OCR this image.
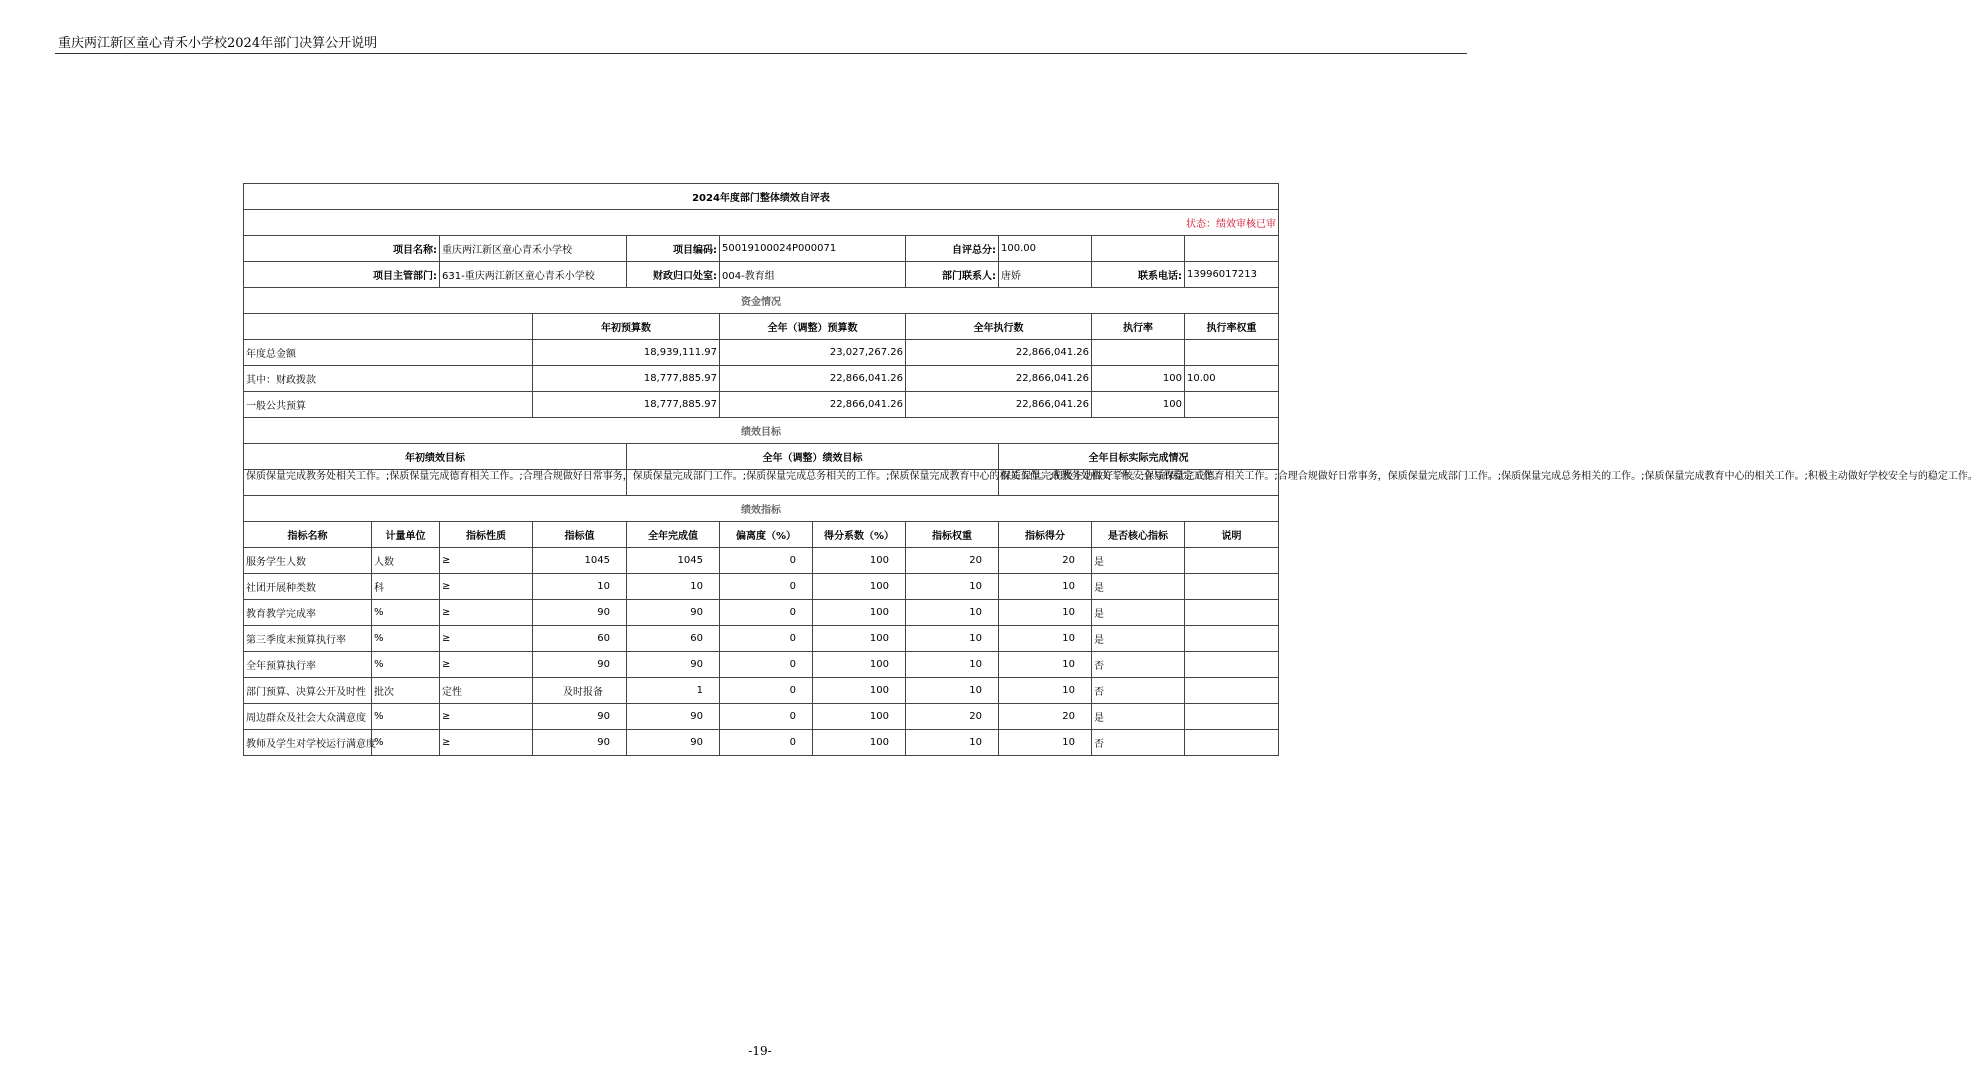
重庆两江新区童心青禾小学校2024年部门决算公开说明
2024年度部门整体绩效自评表											
状态：绩效审核已审											
项目名称:		重庆两江新区童心青禾小学校		项目编码:	50019100024P000071		自评总分:	100.00			
项目主管部门:		631-重庆两江新区童心青禾小学校		财政归口处室:	004-教育组		部门联系人:	唐娇	联系电话:	13996017213	
资金情况											
			年初预算数		全年（调整）预算数		全年执行数		执行率	执行率权重	
年度总金额			18,939,111.97		23,027,267.26		22,866,041.26				
其中：财政拨款			18,777,885.97		22,866,041.26		22,866,041.26		100	10.00	
一般公共预算			18,777,885.97		22,866,041.26		22,866,041.26		100		
绩效目标											
年初绩效目标				全年（调整）绩效目标				全年目标实际完成情况			
保质保量完成教务处相关工作。;保质保量完成德育相关工作。;合理合规做好日常事务，保质保量完成部门工作。;保质保量完成总务相关的工作。;保质保量完成教育中心的相关工作。;积极主动做好学校安全与的稳定工作。								保质保量完成教务处相关工作。;保质保量完成德育相关工作。;合理合规做好日常事务，保质保量完成部门工作。;保质保量完成总务相关的工作。;保质保量完成教育中心的相关工作。;积极主动做好学校安全与的稳定工作。			
绩效指标											
指标名称	计量单位	指标性质	指标值	全年完成值	偏离度（%）	得分系数（%）	指标权重	指标得分	是否核心指标	说明	
服务学生人数	人数	≥	1045	1045	0	100	20	20	是		
社团开展种类数	科	≥	10	10	0	100	10	10	是		
教育教学完成率	%	≥	90	90	0	100	10	10	是		
第三季度末预算执行率	%	≥	60	60	0	100	10	10	是		
全年预算执行率	%	≥	90	90	0	100	10	10	否		
部门预算、决算公开及时性	批次	定性	及时报备	1	0	100	10	10	否		
周边群众及社会大众满意度	%	≥	90	90	0	100	20	20	是		
教师及学生对学校运行满意度	%	≥	90	90	0	100	10	10	否		
-19-
